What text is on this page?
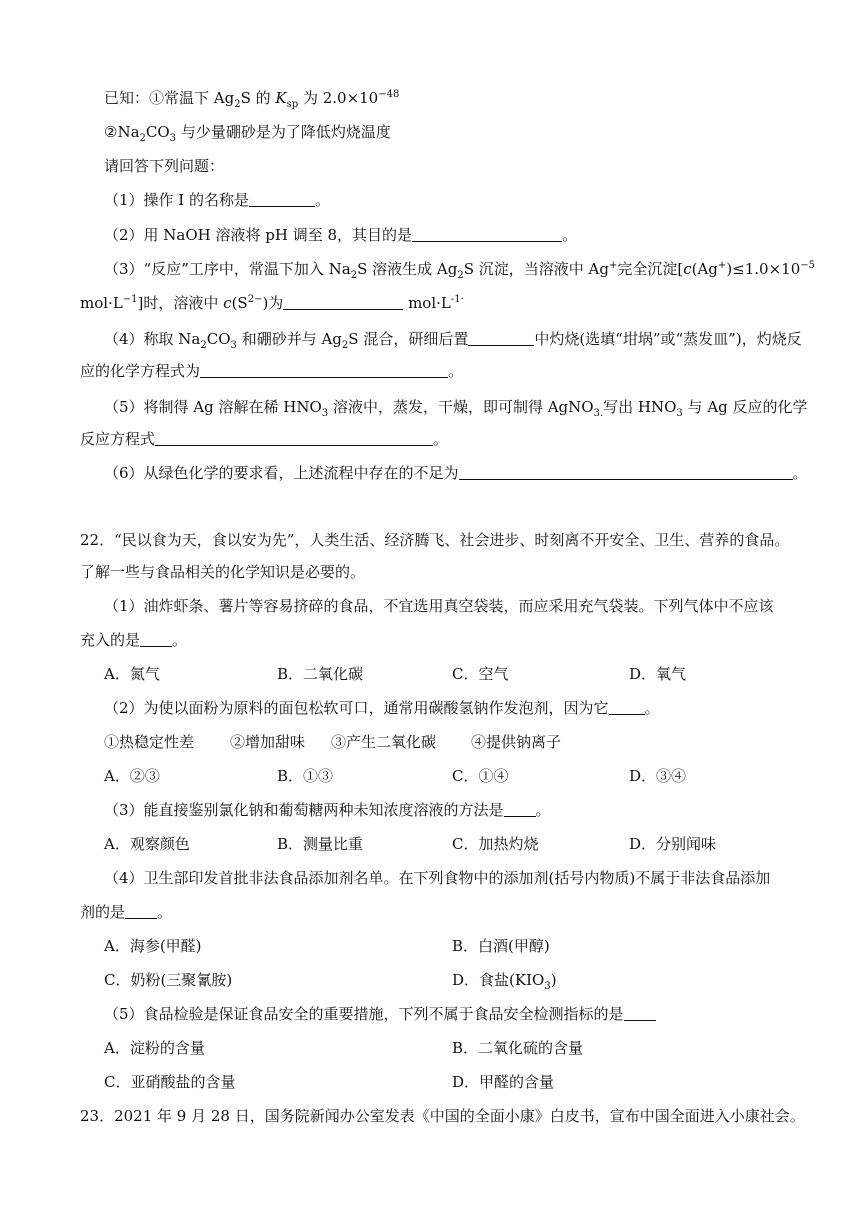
已知：①常温下 $Ag_2S$ 的 $K_{sp}$ 为 $2.0\times 10^{-48}$
$②Na_2CO_3$ 与少量硼砂是为了降低灼烧温度
请回答下列问题：
（1）操作 I 的名称是	。
（2）用 NaOH 溶液将 pH 调至 8，其目的是	。
（3）“反应”工序中，常温下加入 $Na_2S$ 溶液生成 $Ag_2S$ 沉淀，当溶液中 Ag+完全沉淀[$c(Ag^+)\le 1.0\times 10^{-5}$
$mol\cdot L^{-1}$]时，溶液中 $c(S^{2-})$为	$mol\cdot L^{-1\cdot}$
（4）称取 $Na_2CO_3$ 和硼砂并与 $Ag_2S$ 混合，研细后置	中灼烧(选填“坩埚”或“蒸发皿”)，灼烧反
应的化学方程式为	。
（5）将制得 Ag 溶解在稀 $HNO_3$ 溶液中，蒸发，干燥，即可制得 AgNO$_{3.}$写出 $HNO_3$ 与 Ag 反应的化学
反应方程式	。
（6）从绿色化学的要求看，上述流程中存在的不足为	。
22．“民以食为天，食以安为先”，人类生活、经济腾飞、社会进步、时刻离不开安全、卫生、营养的食品。
了解一些与食品相关的化学知识是必要的。
（1）油炸虾条、薯片等容易挤碎的食品，不宜选用真空袋装，而应采用充气袋装。下列气体中不应该
充入的是 。
A．氮气	B．二氧化碳	C．空气	D．氧气
（2）为使以面粉为原料的面包松软可口，通常用碳酸氢钠作发泡剂，因为它 。
①热稳定性差 ②增加甜味 ③产生二氧化碳 ④提供钠离子
A．②③	B．①③	C．①④	D．③④
（3）能直接鉴别氯化钠和葡萄糖两种未知浓度溶液的方法是 。
A．观察颜色	B．测量比重	C．加热灼烧	D．分别闻味
（4）卫生部印发首批非法食品添加剂名单。在下列食物中的添加剂(括号内物质)不属于非法食品添加
剂的是 。
A．海参(甲醛)	B．白酒(甲醇)
C．奶粉(三聚氰胺)	D．食盐$(KIO_3)$
（5）食品检验是保证食品安全的重要措施，下列不属于食品安全检测指标的是
A．淀粉的含量	B．二氧化硫的含量
C．亚硝酸盐的含量	D．甲醛的含量
23．2021 年 9 月 28 日，国务院新闻办公室发表《中国的全面小康》白皮书，宣布中国全面进入小康社会。
